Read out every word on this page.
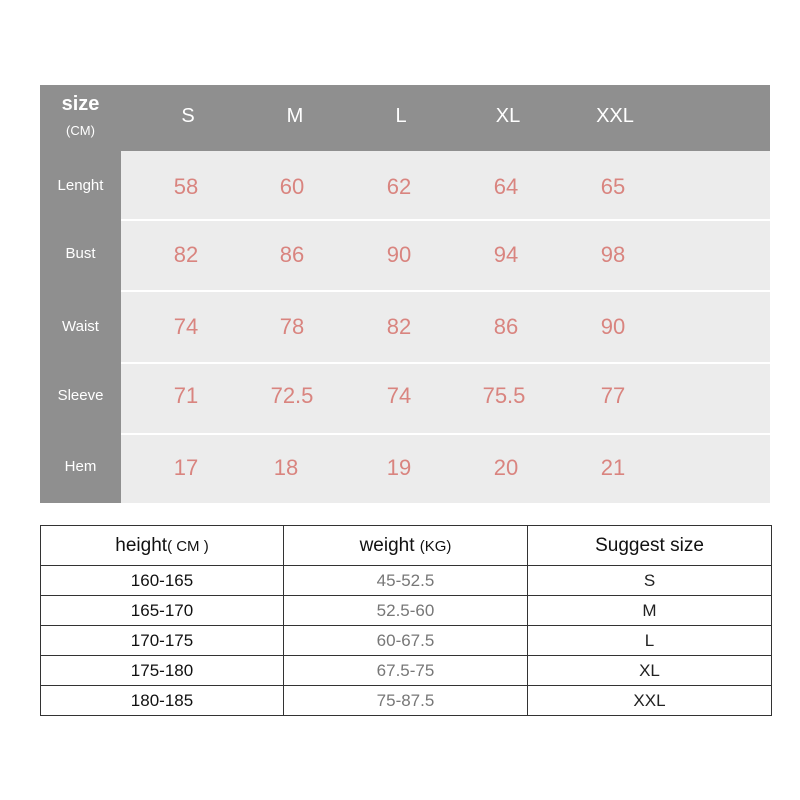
size
(CM)
S	M	L	XL	XXL
Lenght	58	60	62	64	65
Bust	82	86	90	94	98
Waist	74	78	82	86	90
Sleeve	71	72.5	74	75.5	77
Hem	17	18	19	20	21
height( CM )	weight (KG)	Suggest size
160-165	45-52.5	S
165-170	52.5-60	M
170-175	60-67.5	L
175-180	67.5-75	XL
180-185	75-87.5	XXL
